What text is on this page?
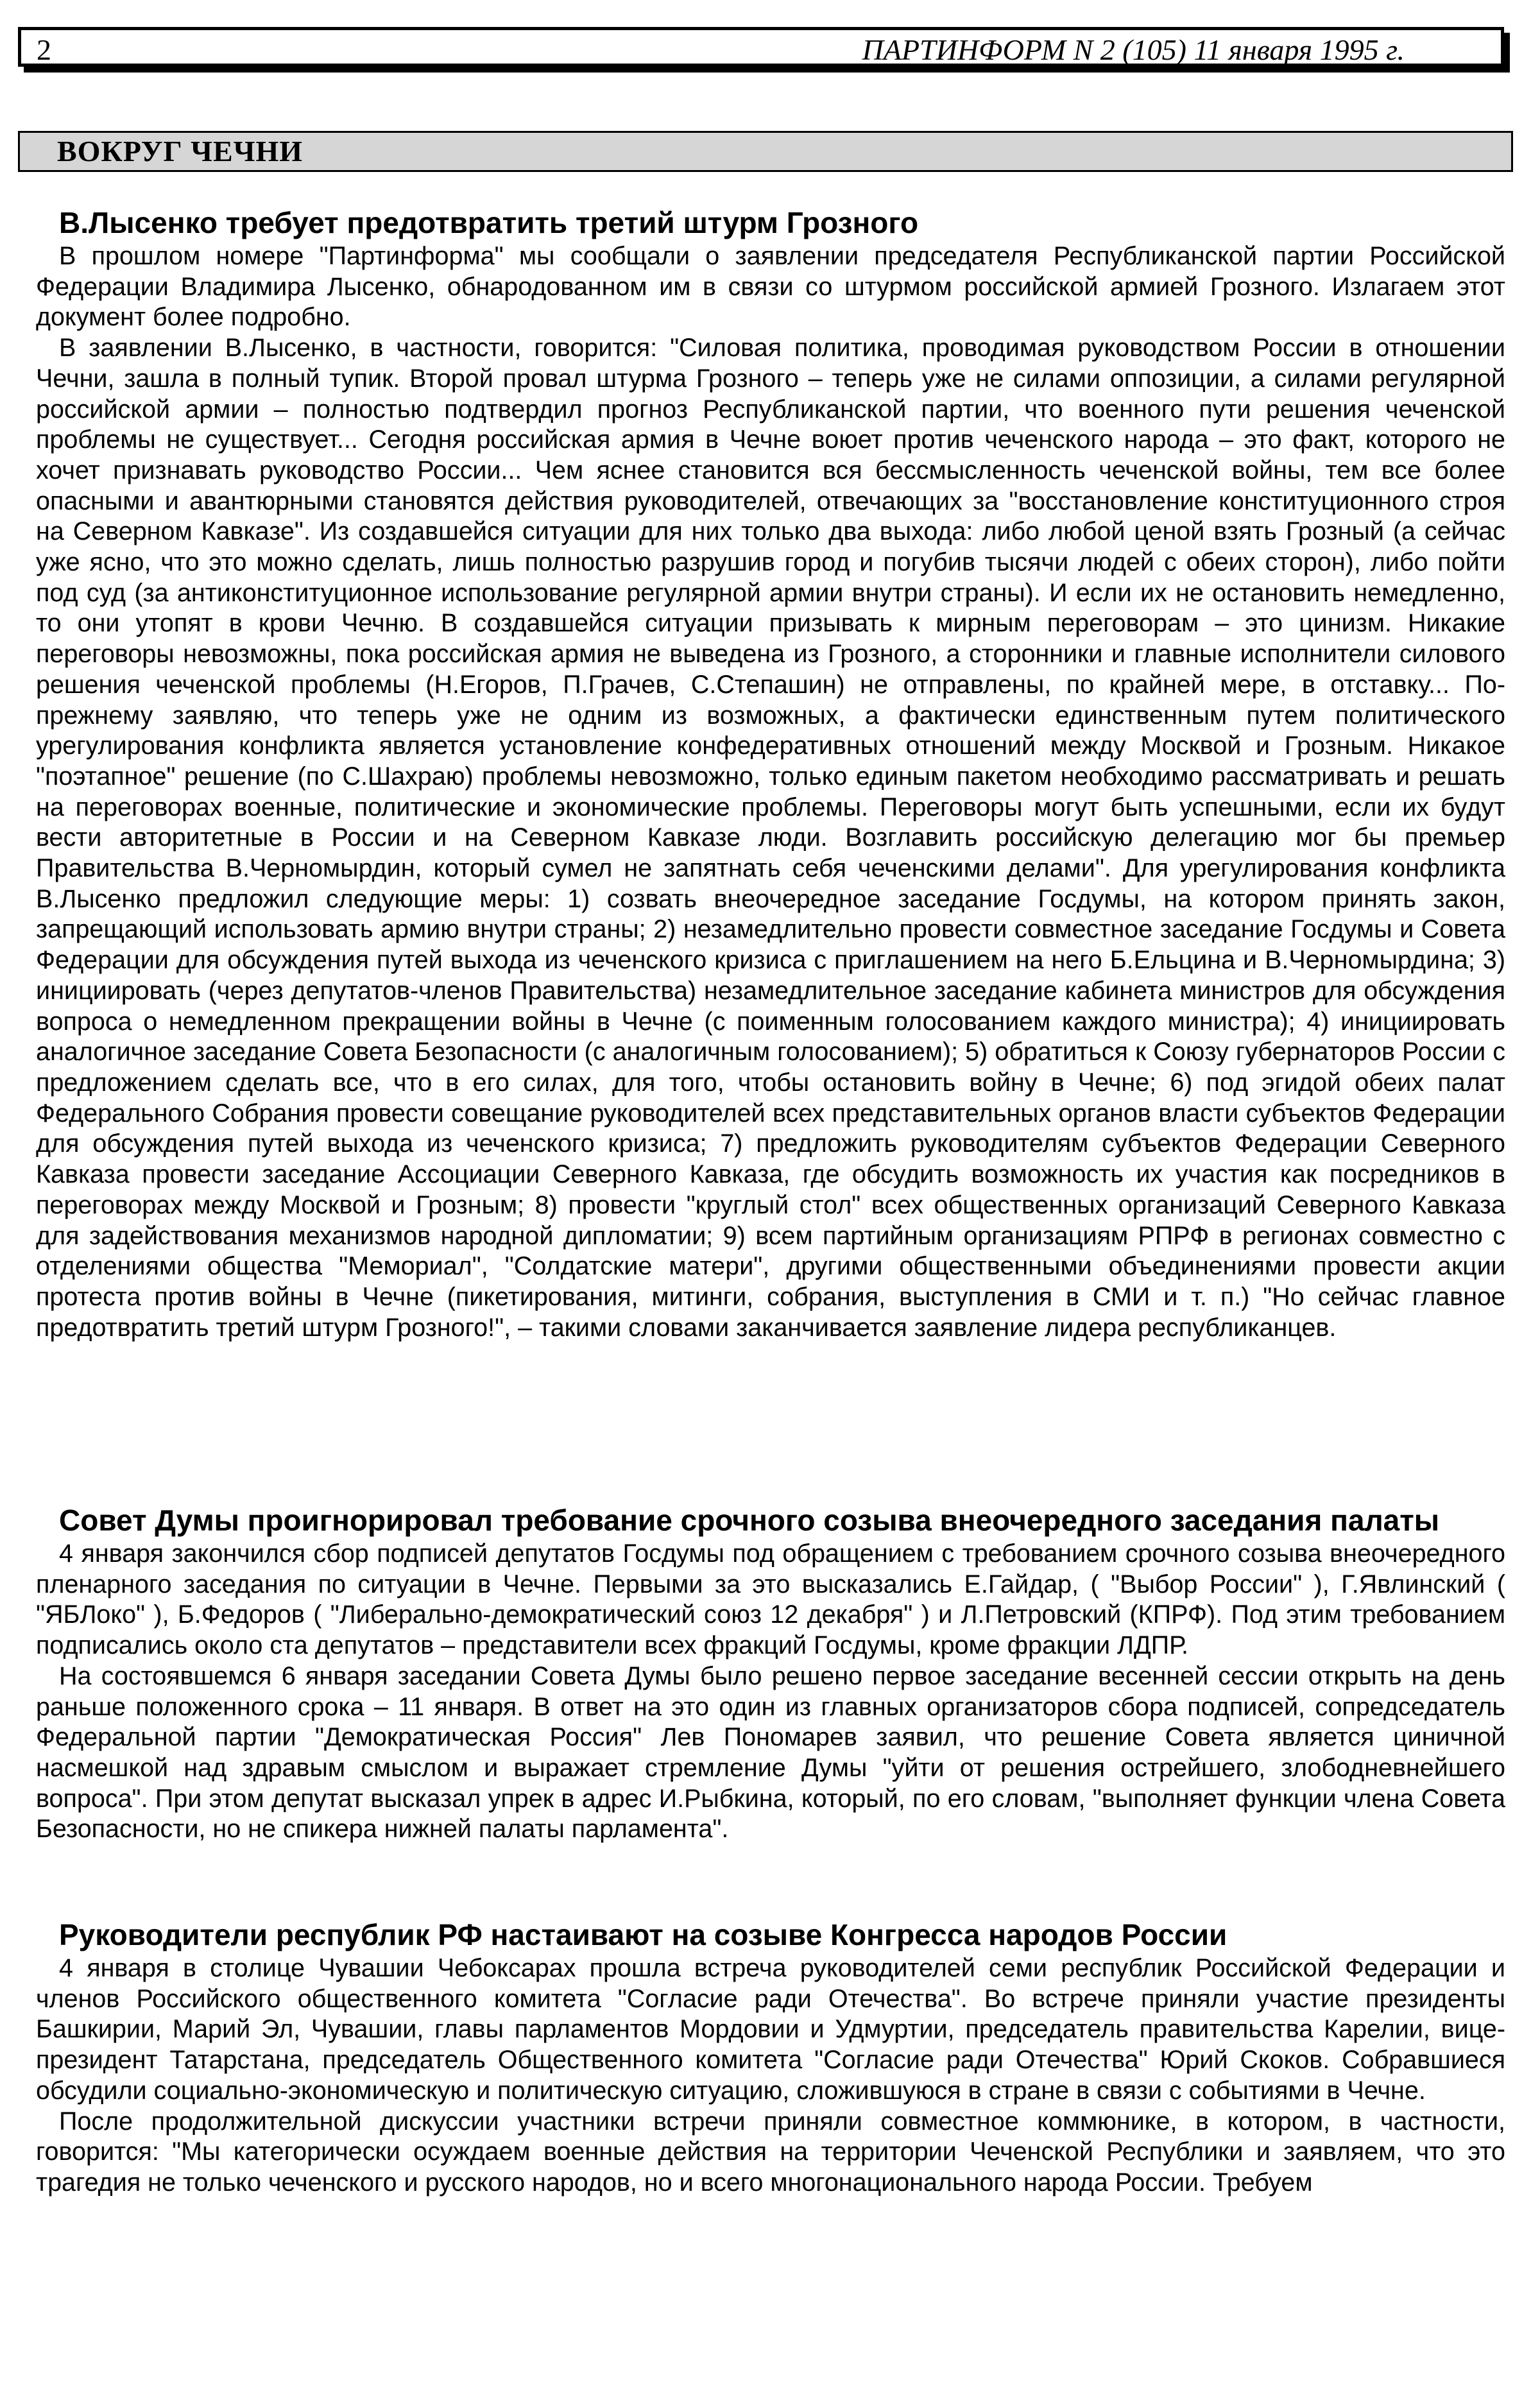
2	ПАРТИНФОРМ N 2 (105) 11 января 1995 г.
ВОКРУГ ЧЕЧНИ
В.Лысенко требует предотвратить третий штурм Грозного

В прошлом номере "Партинформа" мы сообщали о заявлении председателя Республиканской партии Российской Федерации Владимира Лысенко, обнародованном им в связи со штурмом российской армией Грозного. Излагаем этот документ более подробно.

В заявлении В.Лысенко, в частности, говорится: "Силовая политика, проводимая руководством России в отношении Чечни, зашла в полный тупик. Второй провал штурма Грозного – теперь уже не силами оппозиции, а силами регулярной российской армии – полностью подтвердил прогноз Республиканской партии, что военного пути решения чеченской проблемы не существует... Сегодня российская армия в Чечне воюет против чеченского народа – это факт, которого не хочет признавать руководство России... Чем яснее становится вся бессмысленность чеченской войны, тем все более опасными и авантюрными становятся действия руководителей, отвечающих за "восстановление конституционного строя на Северном Кавказе". Из создавшейся ситуации для них только два выхода: либо любой ценой взять Грозный (а сейчас уже ясно, что это можно сделать, лишь полностью разрушив город и погубив тысячи людей с обеих сторон), либо пойти под суд (за антиконституционное использование регулярной армии внутри страны). И если их не остановить немедленно, то они утопят в крови Чечню. В создавшейся ситуации призывать к мирным переговорам – это цинизм. Никакие переговоры невозможны, пока российская армия не выведена из Грозного, а сторонники и главные исполнители силового решения чеченской проблемы (Н.Егоров, П.Грачев, С.Степашин) не отправлены, по крайней мере, в отставку... По-прежнему заявляю, что теперь уже не одним из возможных, а фактически единственным путем политического урегулирования конфликта является установление конфедеративных отношений между Москвой и Грозным. Никакое "поэтапное" решение (по С.Шахраю) проблемы невозможно, только единым пакетом необходимо рассматривать и решать на переговорах военные, политические и экономические проблемы. Переговоры могут быть успешными, если их будут вести авторитетные в России и на Северном Кавказе люди. Возглавить российскую делегацию мог бы премьер Правительства В.Черномырдин, который сумел не запятнать себя чеченскими делами". Для урегулирования конфликта В.Лысенко предложил следующие меры: 1) созвать внеочередное заседание Госдумы, на котором принять закон, запрещающий использовать армию внутри страны; 2) незамедлительно провести совместное заседание Госдумы и Совета Федерации для обсуждения путей выхода из чеченского кризиса с приглашением на него Б.Ельцина и В.Черномырдина; 3) инициировать (через депутатов-членов Правительства) незамедлительное заседание кабинета министров для обсуждения вопроса о немедленном прекращении войны в Чечне (с поименным голосованием каждого министра); 4) инициировать аналогичное заседание Совета Безопасности (с аналогичным голосованием); 5) обратиться к Союзу губернаторов России с предложением сделать все, что в его силах, для того, чтобы остановить войну в Чечне; 6) под эгидой обеих палат Федерального Собрания провести совещание руководителей всех представительных органов власти субъектов Федерации для обсуждения путей выхода из чеченского кризиса; 7) предложить руководителям субъектов Федерации Северного Кавказа провести заседание Ассоциации Северного Кавказа, где обсудить возможность их участия как посредников в переговорах между Москвой и Грозным; 8) провести "круглый стол" всех общественных организаций Северного Кавказа для задействования механизмов народной дипломатии; 9) всем партийным организациям РПРФ в регионах совместно с отделениями общества "Мемориал", "Солдатские матери", другими общественными объединениями провести акции протеста против войны в Чечне (пикетирования, митинги, собрания, выступления в СМИ и т. п.) "Но сейчас главное предотвратить третий штурм Грозного!", – такими словами заканчивается заявление лидера республиканцев.

Совет Думы проигнорировал требование срочного созыва внеочередного заседания палаты

4 января закончился сбор подписей депутатов Госдумы под обращением с требованием срочного созыва внеочередного пленарного заседания по ситуации в Чечне. Первыми за это высказались Е.Гайдар, ( "Выбор России" ), Г.Явлинский ( "ЯБЛоко" ), Б.Федоров ( "Либерально-демократический союз 12 декабря" ) и Л.Петровский (КПРФ). Под этим требованием подписались около ста депутатов – представители всех фракций Госдумы, кроме фракции ЛДПР.

На состоявшемся 6 января заседании Совета Думы было решено первое заседание весенней сессии открыть на день раньше положенного срока – 11 января. В ответ на это один из главных организаторов сбора подписей, сопредседатель Федеральной партии "Демократическая Россия" Лев Пономарев заявил, что решение Совета является циничной насмешкой над здравым смыслом и выражает стремление Думы "уйти от решения острейшего, злободневнейшего вопроса". При этом депутат высказал упрек в адрес И.Рыбкина, который, по его словам, "выполняет функции члена Совета Безопасности, но не спикера нижней палаты парламента".

Руководители республик РФ настаивают на созыве Конгресса народов России

4 января в столице Чувашии Чебоксарах прошла встреча руководителей семи республик Российской Федерации и членов Российского общественного комитета "Согласие ради Отечества". Во встрече приняли участие президенты Башкирии, Марий Эл, Чувашии, главы парламентов Мордовии и Удмуртии, председатель правительства Карелии, вице-президент Татарстана, председатель Общественного комитета "Согласие ради Отечества" Юрий Скоков. Собравшиеся обсудили социально-экономическую и политическую ситуацию, сложившуюся в стране в связи с событиями в Чечне.

После продолжительной дискуссии участники встречи приняли совместное коммюнике, в котором, в частности, говорится: "Мы категорически осуждаем военные действия на территории Чеченской Республики и заявляем, что это трагедия не только чеченского и русского народов, но и всего многонационального народа России. Требуем
